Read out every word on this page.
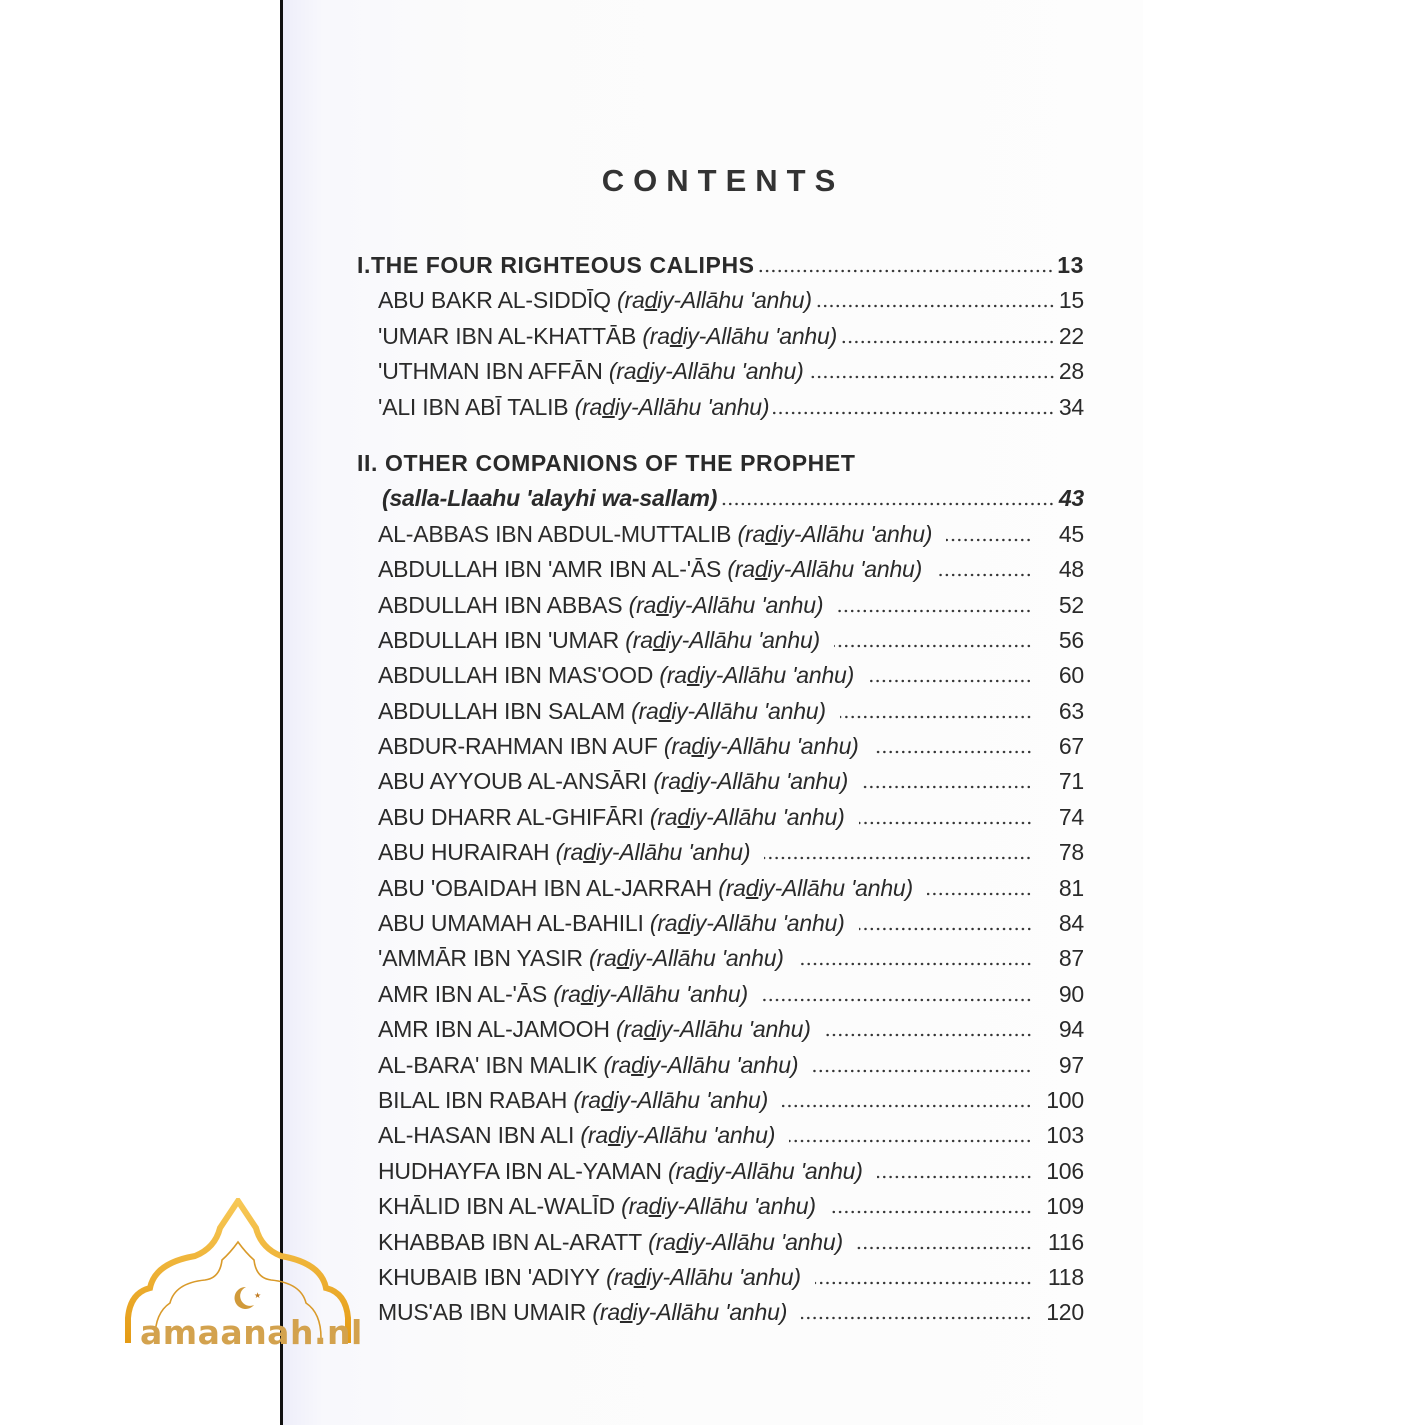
CONTENTS
I.THE FOUR RIGHTEOUS CALIPHS	13
ABU BAKR AL-SIDDĪQ (radiy-Allāhu 'anhu)	15
'UMAR IBN AL-KHATTĀB (radiy-Allāhu 'anhu)	22
'UTHMAN IBN AFFĀN (radiy-Allāhu 'anhu)	28
'ALI IBN ABĪ TALIB (radiy-Allāhu 'anhu)	34
II. OTHER COMPANIONS OF THE PROPHET
(salla-Llaahu 'alayhi wa-sallam)	43
AL-ABBAS IBN ABDUL-MUTTALIB (radiy-Allāhu 'anhu)	45
ABDULLAH IBN 'AMR IBN AL-'ĀS (radiy-Allāhu 'anhu)	48
ABDULLAH IBN ABBAS (radiy-Allāhu 'anhu)	52
ABDULLAH IBN 'UMAR (radiy-Allāhu 'anhu)	56
ABDULLAH IBN MAS'OOD (radiy-Allāhu 'anhu)	60
ABDULLAH IBN SALAM (radiy-Allāhu 'anhu)	63
ABDUR-RAHMAN IBN AUF (radiy-Allāhu 'anhu)	67
ABU AYYOUB AL-ANSĀRI (radiy-Allāhu 'anhu)	71
ABU DHARR AL-GHIFĀRI (radiy-Allāhu 'anhu)	74
ABU HURAIRAH (radiy-Allāhu 'anhu)	78
ABU 'OBAIDAH IBN AL-JARRAH (radiy-Allāhu 'anhu)	81
ABU UMAMAH AL-BAHILI (radiy-Allāhu 'anhu)	84
'AMMĀR IBN YASIR (radiy-Allāhu 'anhu)	87
AMR IBN AL-'ĀS (radiy-Allāhu 'anhu)	90
AMR IBN AL-JAMOOH (radiy-Allāhu 'anhu)	94
AL-BARA' IBN MALIK (radiy-Allāhu 'anhu)	97
BILAL IBN RABAH (radiy-Allāhu 'anhu)	100
AL-HASAN IBN ALI (radiy-Allāhu 'anhu)	103
HUDHAYFA IBN AL-YAMAN (radiy-Allāhu 'anhu)	106
KHĀLID IBN AL-WALĪD (radiy-Allāhu 'anhu)	109
KHABBAB IBN AL-ARATT (radiy-Allāhu 'anhu)	116
KHUBAIB IBN 'ADIYY (radiy-Allāhu 'anhu)	118
MUS'AB IBN UMAIR (radiy-Allāhu 'anhu)	120
★
amaanah.nl
